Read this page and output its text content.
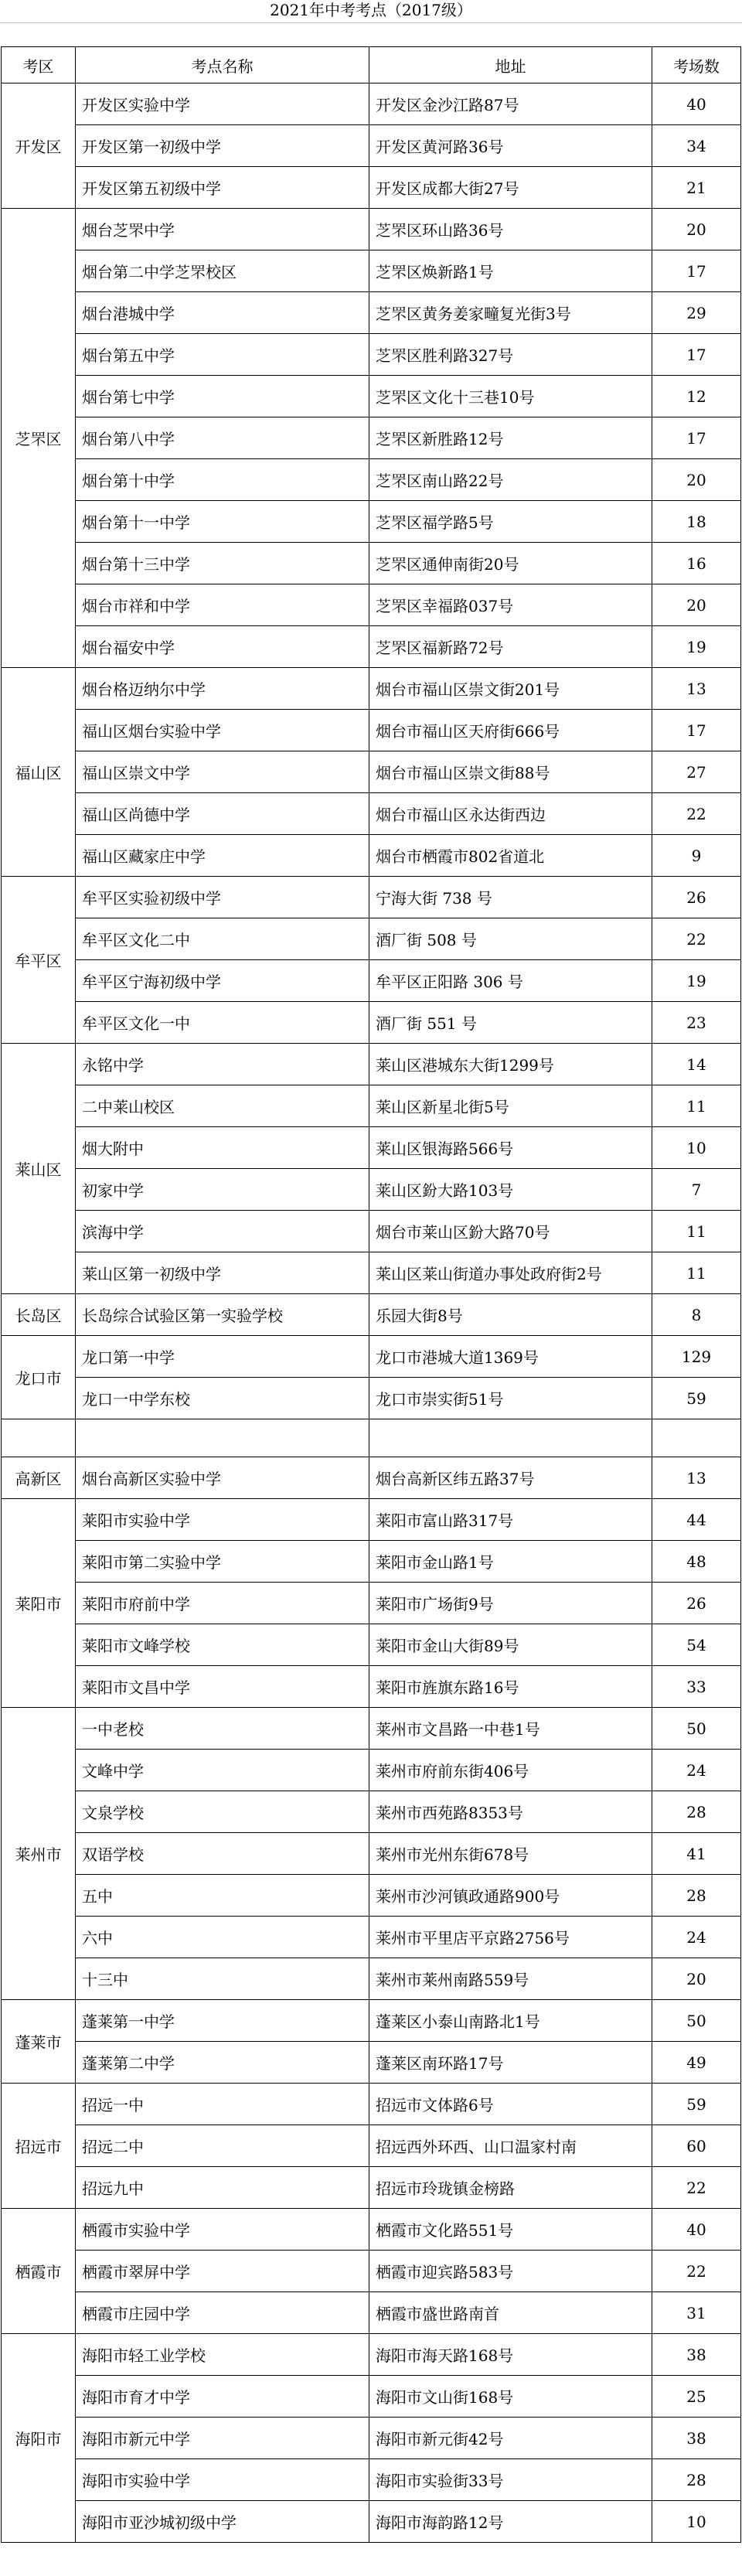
2021年中考考点（2017级）
考区	考点名称	地址	考场数
开发区	开发区实验中学	开发区金沙江路87号	40
	开发区第一初级中学	开发区黄河路36号	34
	开发区第五初级中学	开发区成都大街27号	21
芝罘区	烟台芝罘中学	芝罘区环山路36号	20
	烟台第二中学芝罘校区	芝罘区焕新路1号	17
	烟台港城中学	芝罘区黄务姜家疃复光街3号	29
	烟台第五中学	芝罘区胜利路327号	17
	烟台第七中学	芝罘区文化十三巷10号	12
	烟台第八中学	芝罘区新胜路12号	17
	烟台第十中学	芝罘区南山路22号	20
	烟台第十一中学	芝罘区福学路5号	18
	烟台第十三中学	芝罘区通伸南街20号	16
	烟台市祥和中学	芝罘区幸福路037号	20
	烟台福安中学	芝罘区福新路72号	19
福山区	烟台格迈纳尔中学	烟台市福山区崇文街201号	13
	福山区烟台实验中学	烟台市福山区天府街666号	17
	福山区崇文中学	烟台市福山区崇文街88号	27
	福山区尚德中学	烟台市福山区永达街西边	22
	福山区藏家庄中学	烟台市栖霞市802省道北	9
牟平区	牟平区实验初级中学	宁海大街 738 号	26
	牟平区文化二中	酒厂街 508 号	22
	牟平区宁海初级中学	牟平区正阳路 306 号	19
	牟平区文化一中	酒厂街 551 号	23
莱山区	永铭中学	莱山区港城东大街1299号	14
	二中莱山校区	莱山区新星北街5号	11
	烟大附中	莱山区银海路566号	10
	初家中学	莱山区鈖大路103号	7
	滨海中学	烟台市莱山区鈖大路70号	11
	莱山区第一初级中学	莱山区莱山街道办事处政府街2号	11
长岛区	长岛综合试验区第一实验学校	乐园大街8号	8
龙口市	龙口第一中学	龙口市港城大道1369号	129
	龙口一中学东校	龙口市崇实街51号	59

高新区	烟台高新区实验中学	烟台高新区纬五路37号	13
莱阳市	莱阳市实验中学	莱阳市富山路317号	44
	莱阳市第二实验中学	莱阳市金山路1号	48
	莱阳市府前中学	莱阳市广场街9号	26
	莱阳市文峰学校	莱阳市金山大街89号	54
	莱阳市文昌中学	莱阳市旌旗东路16号	33
莱州市	一中老校	莱州市文昌路一中巷1号	50
	文峰中学	莱州市府前东街406号	24
	文泉学校	莱州市西苑路8353号	28
	双语学校	莱州市光州东街678号	41
	五中	莱州市沙河镇政通路900号	28
	六中	莱州市平里店平京路2756号	24
	十三中	莱州市莱州南路559号	20
蓬莱市	蓬莱第一中学	蓬莱区小泰山南路北1号	50
	蓬莱第二中学	蓬莱区南环路17号	49
招远市	招远一中	招远市文体路6号	59
	招远二中	招远西外环西、山口温家村南	60
	招远九中	招远市玲珑镇金榜路	22
栖霞市	栖霞市实验中学	栖霞市文化路551号	40
	栖霞市翠屏中学	栖霞市迎宾路583号	22
	栖霞市庄园中学	栖霞市盛世路南首	31
海阳市	海阳市轻工业学校	海阳市海天路168号	38
	海阳市育才中学	海阳市文山街168号	25
	海阳市新元中学	海阳市新元街42号	38
	海阳市实验中学	海阳市实验街33号	28
	海阳市亚沙城初级中学	海阳市海韵路12号	10
